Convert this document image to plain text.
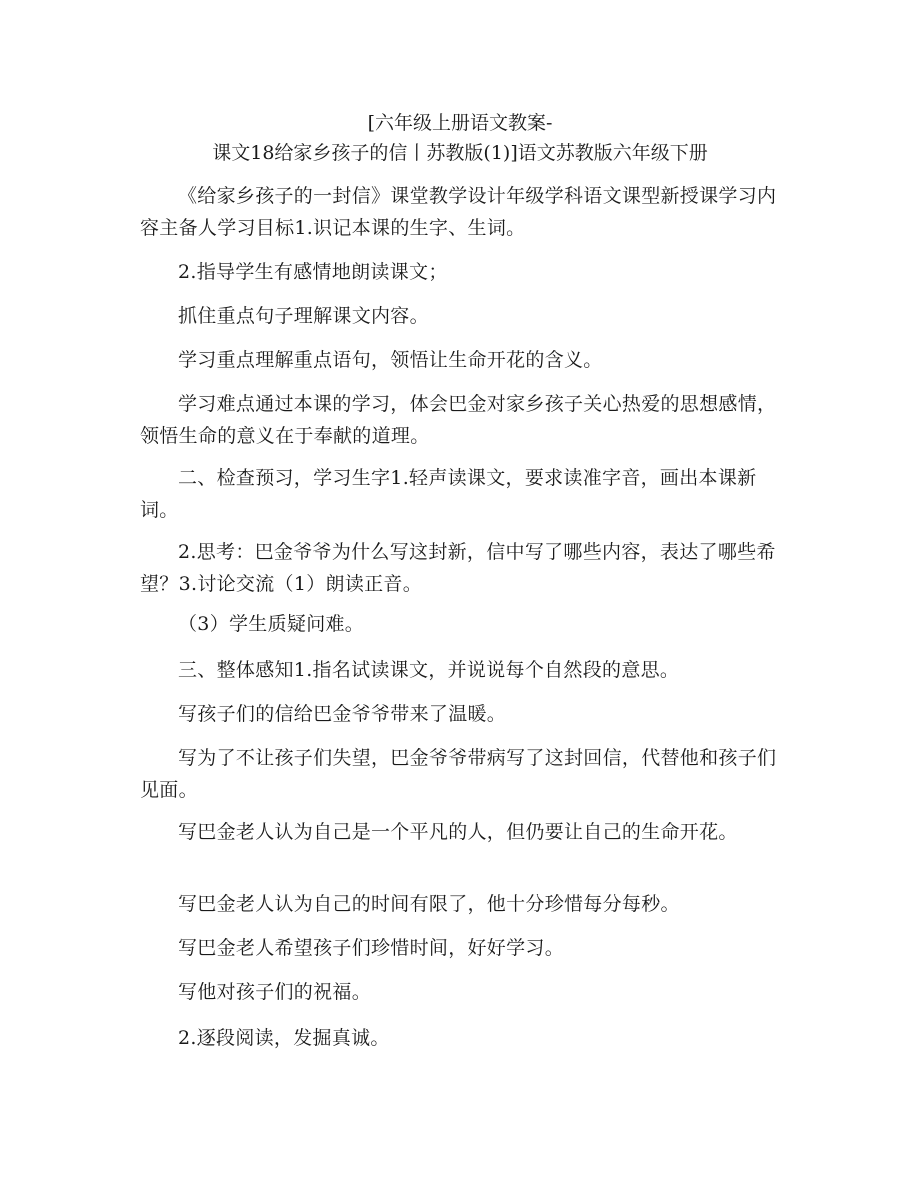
[六年级上册语文教案-
课文18给家乡孩子的信丨苏教版(1)]语文苏教版六年级下册

《给家乡孩子的一封信》课堂教学设计年级学科语文课型新授课学习内容主备人学习目标1.识记本课的生字、生词。

2.指导学生有感情地朗读课文；

抓住重点句子理解课文内容。

学习重点理解重点语句，领悟让生命开花的含义。

学习难点通过本课的学习，体会巴金对家乡孩子关心热爱的思想感情，领悟生命的意义在于奉献的道理。

二、检查预习，学习生字1.轻声读课文，要求读准字音，画出本课新词。

2.思考：巴金爷爷为什么写这封新，信中写了哪些内容，表达了哪些希望？3.讨论交流（1）朗读正音。

（3）学生质疑问难。

三、整体感知1.指名试读课文，并说说每个自然段的意思。

写孩子们的信给巴金爷爷带来了温暖。

写为了不让孩子们失望，巴金爷爷带病写了这封回信，代替他和孩子们见面。

写巴金老人认为自己是一个平凡的人，但仍要让自己的生命开花。

写巴金老人认为自己的时间有限了，他十分珍惜每分每秒。

写巴金老人希望孩子们珍惜时间，好好学习。

写他对孩子们的祝福。

2.逐段阅读，发掘真诚。
